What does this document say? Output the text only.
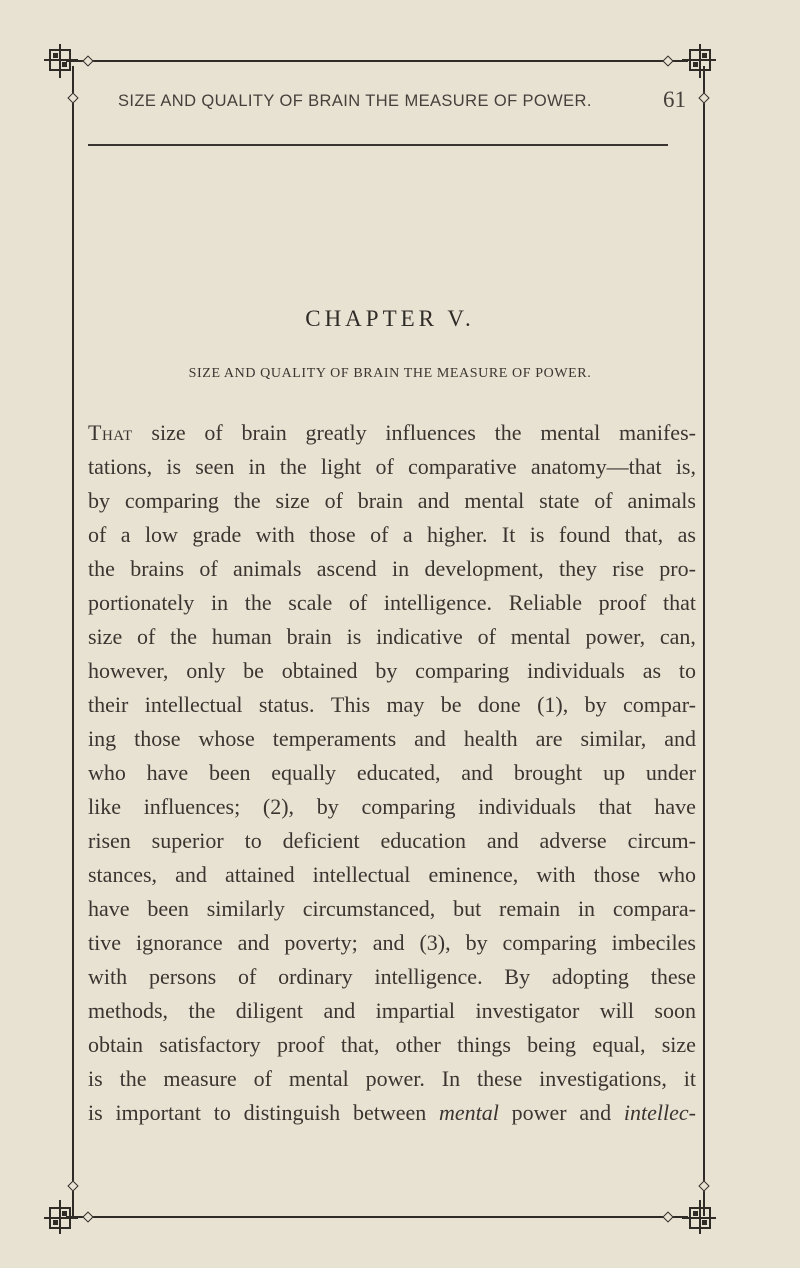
SIZE AND QUALITY OF BRAIN THE MEASURE OF POWER.	61
CHAPTER V.
SIZE AND QUALITY OF BRAIN THE MEASURE OF POWER.
That size of brain greatly influences the mental manifes-
tations, is seen in the light of comparative anatomy—that is,
by comparing the size of brain and mental state of animals
of a low grade with those of a higher. It is found that, as
the brains of animals ascend in development, they rise pro-
portionately in the scale of intelligence. Reliable proof that
size of the human brain is indicative of mental power, can,
however, only be obtained by comparing individuals as to
their intellectual status. This may be done (1), by compar-
ing those whose temperaments and health are similar, and
who have been equally educated, and brought up under
like influences; (2), by comparing individuals that have
risen superior to deficient education and adverse circum-
stances, and attained intellectual eminence, with those who
have been similarly circumstanced, but remain in compara-
tive ignorance and poverty; and (3), by comparing imbeciles
with persons of ordinary intelligence. By adopting these
methods, the diligent and impartial investigator will soon
obtain satisfactory proof that, other things being equal, size
is the measure of mental power. In these investigations, it
is important to distinguish between mental power and intellec-
